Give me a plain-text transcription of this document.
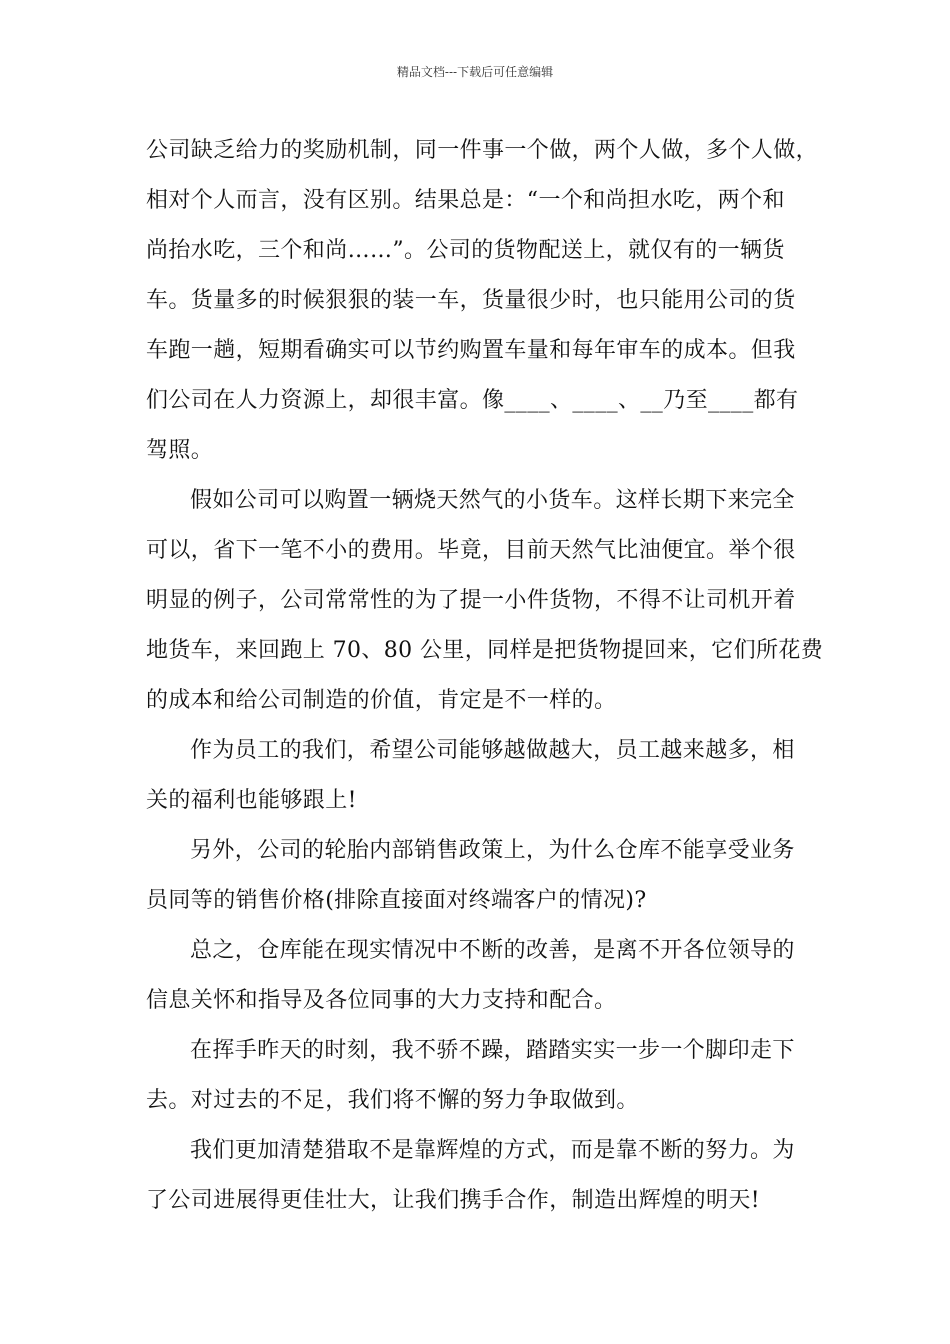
精品文档---下载后可任意编辑

公司缺乏给力的奖励机制，同一件事一个做，两个人做，多个人做，
相对个人而言，没有区别。结果总是：“一个和尚担水吃，两个和
尚抬水吃，三个和尚……”。公司的货物配送上，就仅有的一辆货
车。货量多的时候狠狠的装一车，货量很少时，也只能用公司的货
车跑一趟，短期看确实可以节约购置车量和每年审车的成本。但我
们公司在人力资源上，却很丰富。像____、____、__乃至____都有
驾照。

假如公司可以购置一辆烧天然气的小货车。这样长期下来完全
可以，省下一笔不小的费用。毕竟，目前天然气比油便宜。举个很
明显的例子，公司常常性的为了提一小件货物，不得不让司机开着
地货车，来回跑上 70、80 公里，同样是把货物提回来，它们所花费
的成本和给公司制造的价值，肯定是不一样的。

作为员工的我们，希望公司能够越做越大，员工越来越多，相
关的福利也能够跟上!

另外，公司的轮胎内部销售政策上，为什么仓库不能享受业务
员同等的销售价格(排除直接面对终端客户的情况)?

总之，仓库能在现实情况中不断的改善，是离不开各位领导的
信息关怀和指导及各位同事的大力支持和配合。

在挥手昨天的时刻，我不骄不躁，踏踏实实一步一个脚印走下
去。对过去的不足，我们将不懈的努力争取做到。

我们更加清楚猎取不是靠辉煌的方式，而是靠不断的努力。为
了公司进展得更佳壮大，让我们携手合作，制造出辉煌的明天!
